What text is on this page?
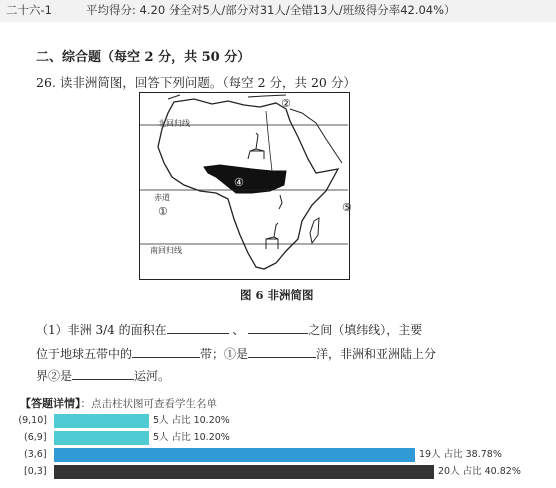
二十六-1	平均得分: 4.20 分
（全对5人/部分对31人/全错13人/班级得分率42.04%）
二、综合题（每空 2 分，共 50 分）
26. 读非洲简图，回答下列问题。（每空 2 分，共 20 分）
北回归线
赤道
南回归线
①
②
④
⑤
图 6 非洲简图
（1）非洲 3/4 的面积在	、	之间（填纬线），主要
位于地球五带中的	带；①是	洋，非洲和亚洲陆上分
界②是	运河。
【答题详情】：点击柱状图可查看学生名单
(9,10]	5人 占比 10.20%
(6,9]	5人 占比 10.20%
(3,6]	19人 占比 38.78%
[0,3]	20人 占比 40.82%
